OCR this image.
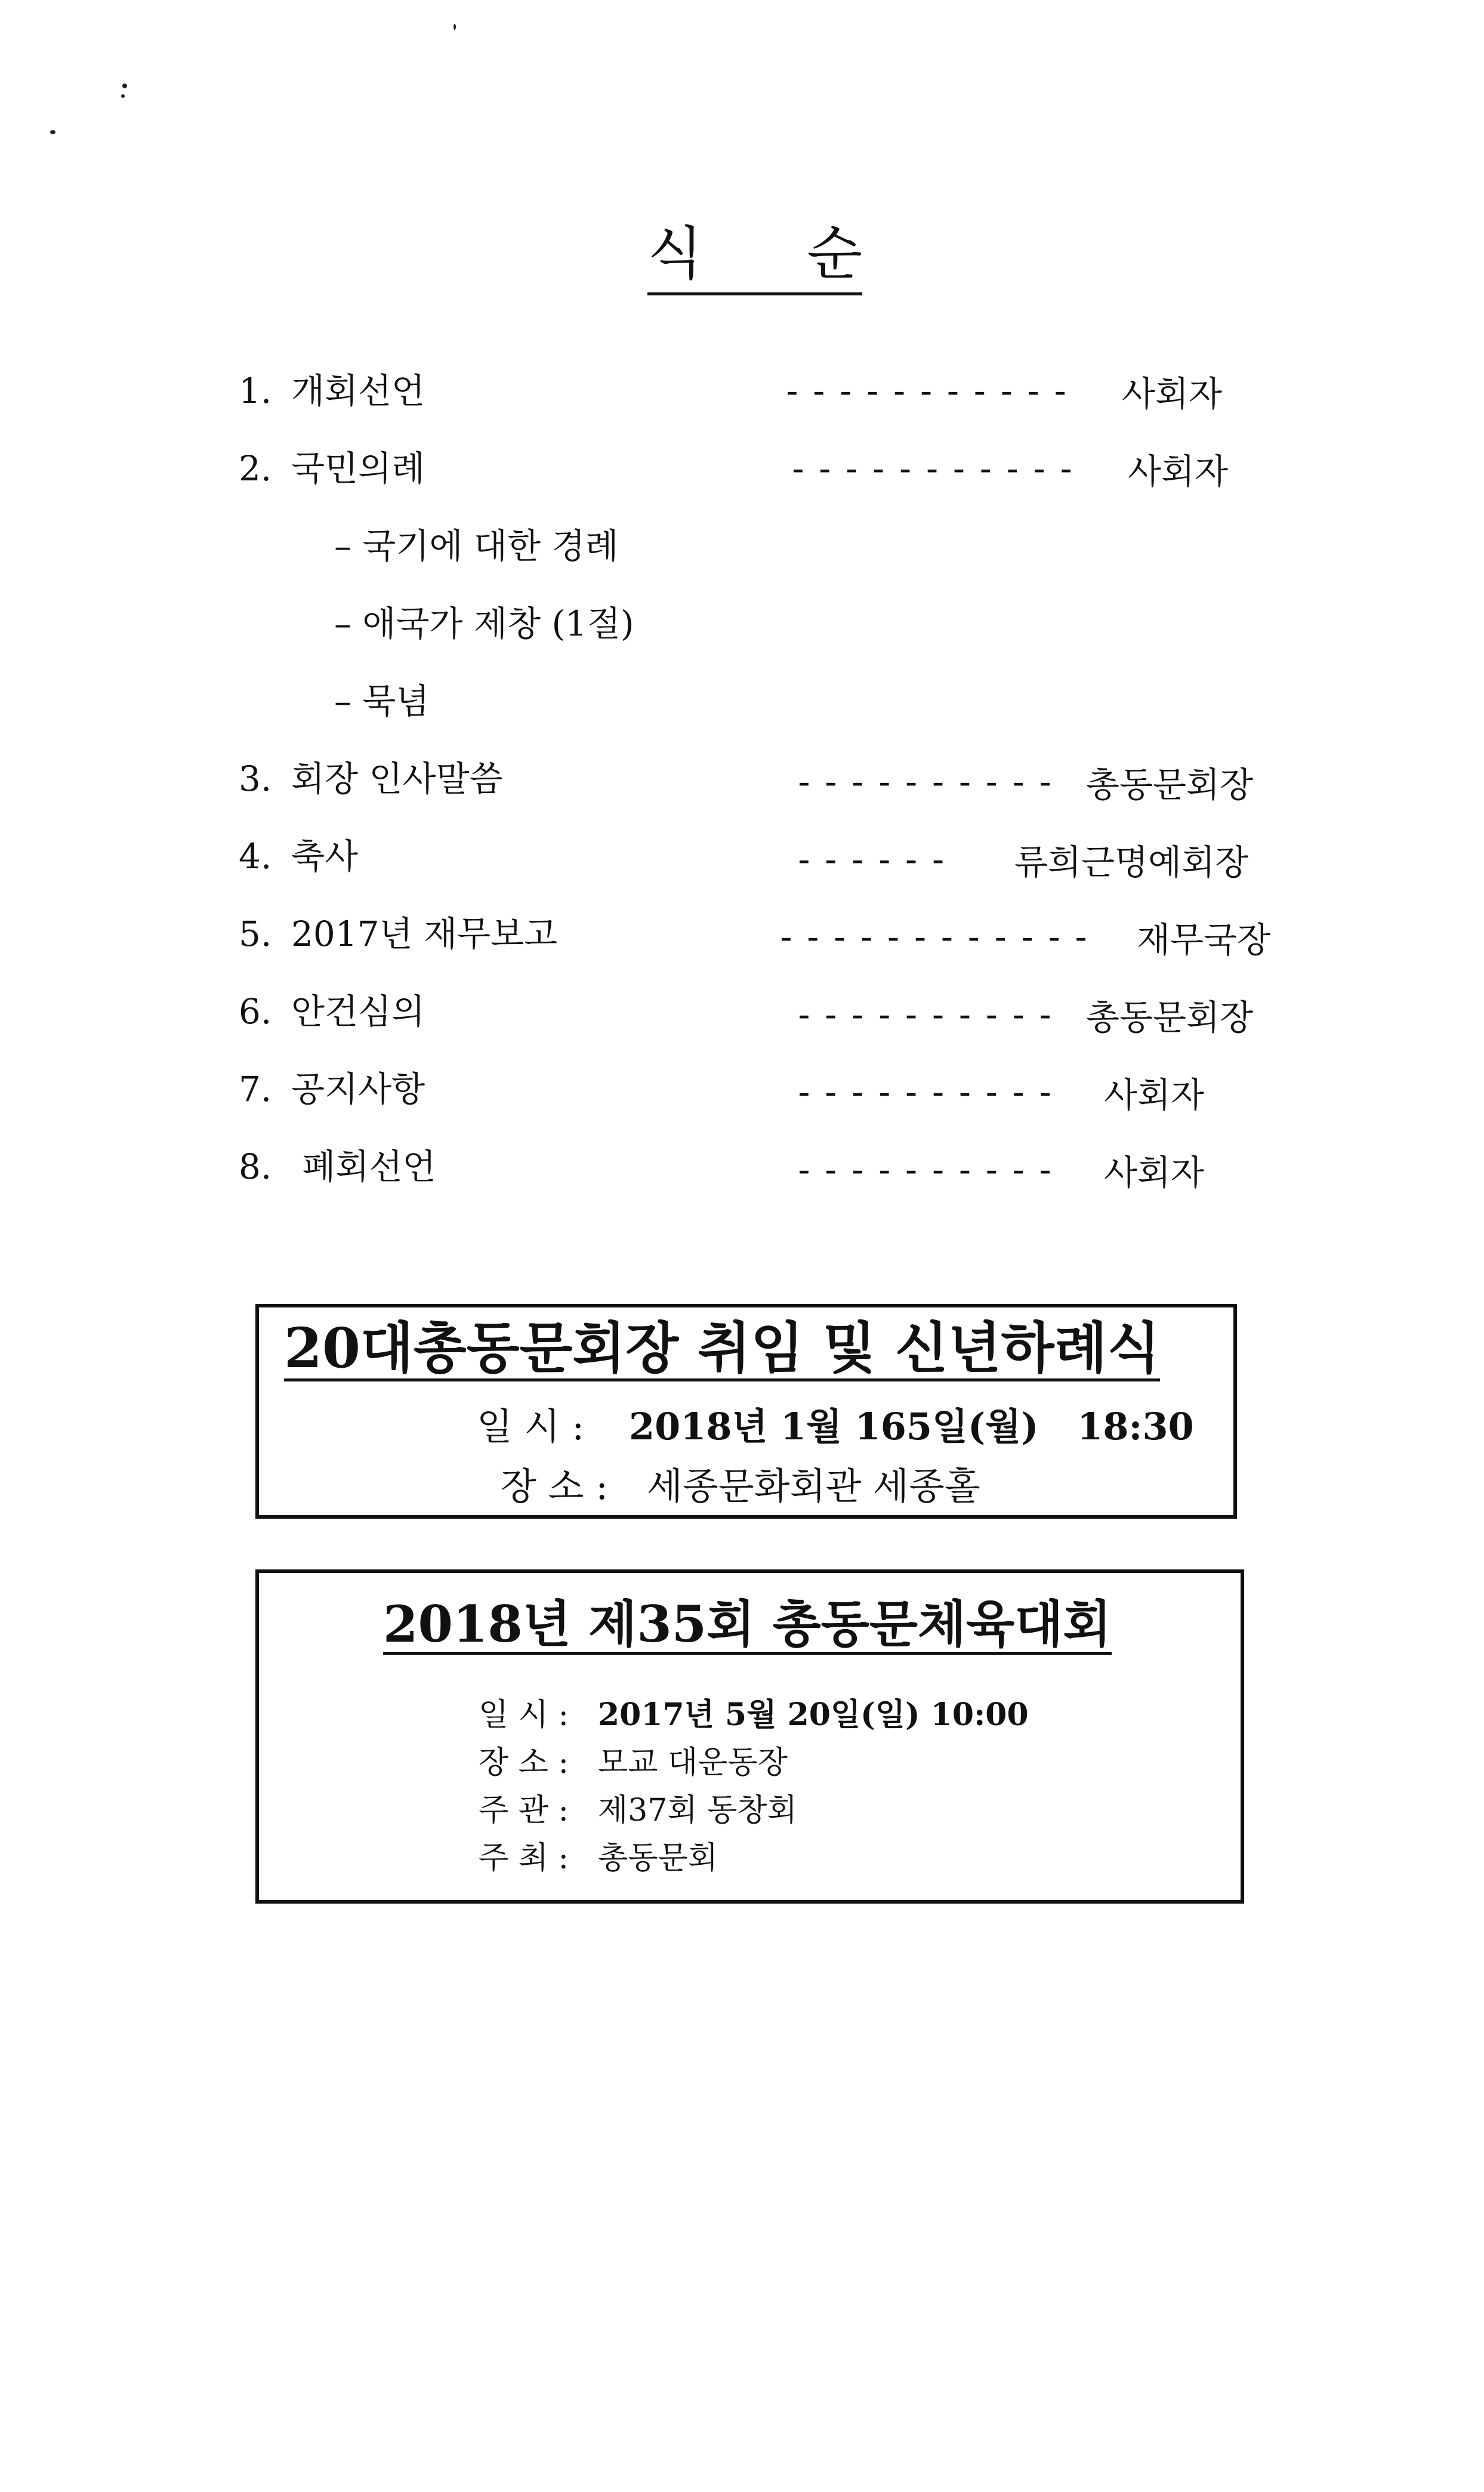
식 순
1. 개회선언	----------- 사회자
2. 국민의례	----------- 사회자
– 국기에 대한 경례
– 애국가 제창 (1절)
– 묵념
3. 회장 인사말씀	---------- 총동문회장
4. 축사	------ 류희근명예회장
5. 2017년 재무보고	------------ 재무국장
6. 안건심의	---------- 총동문회장
7. 공지사항	---------- 사회자
8. 폐회선언	---------- 사회자
20대총동문회장 취임 및 신년하례식
일 시 : 2018년 1월 165일(월)   18:30
장 소 : 세종문화회관 세종홀
2018년 제35회 총동문체육대회
일 시 : 2017년 5월 20일(일) 10:00
장 소 : 모교 대운동장
주 관 : 제37회 동창회
주 최 : 총동문회
